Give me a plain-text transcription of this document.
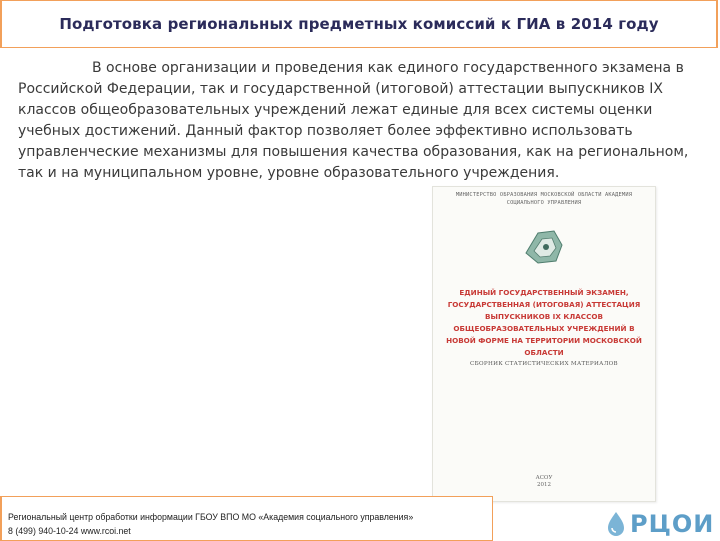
Подготовка региональных предметных комиссий к ГИА в 2014 году
В основе организации и проведения как единого государственного экзамена в Российской Федерации, так и государственной (итоговой) аттестации выпускников IX классов общеобразовательных учреждений лежат единые для всех системы оценки учебных достижений. Данный фактор позволяет более эффективно использовать управленческие механизмы для повышения качества образования, как на региональном, так и на муниципальном уровне, уровне образовательного учреждения.
МИНИСТЕРСТВО ОБРАЗОВАНИЯ МОСКОВСКОЙ ОБЛАСТИ АКАДЕМИЯ СОЦИАЛЬНОГО УПРАВЛЕНИЯ
ЕДИНЫЙ ГОСУДАРСТВЕННЫЙ ЭКЗАМЕН, ГОСУДАРСТВЕННАЯ (ИТОГОВАЯ) АТТЕСТАЦИЯ ВЫПУСКНИКОВ IX КЛАССОВ ОБЩЕОБРАЗОВАТЕЛЬНЫХ УЧРЕЖДЕНИЙ В НОВОЙ ФОРМЕ НА ТЕРРИТОРИИ МОСКОВСКОЙ ОБЛАСТИ
СБОРНИК СТАТИСТИЧЕСКИХ МАТЕРИАЛОВ
АСОУ
2012
Региональный центр обработки информации ГБОУ ВПО МО «Академия социального управления»
8 (499) 940-10-24 www.rcoi.net	РЦОИ
